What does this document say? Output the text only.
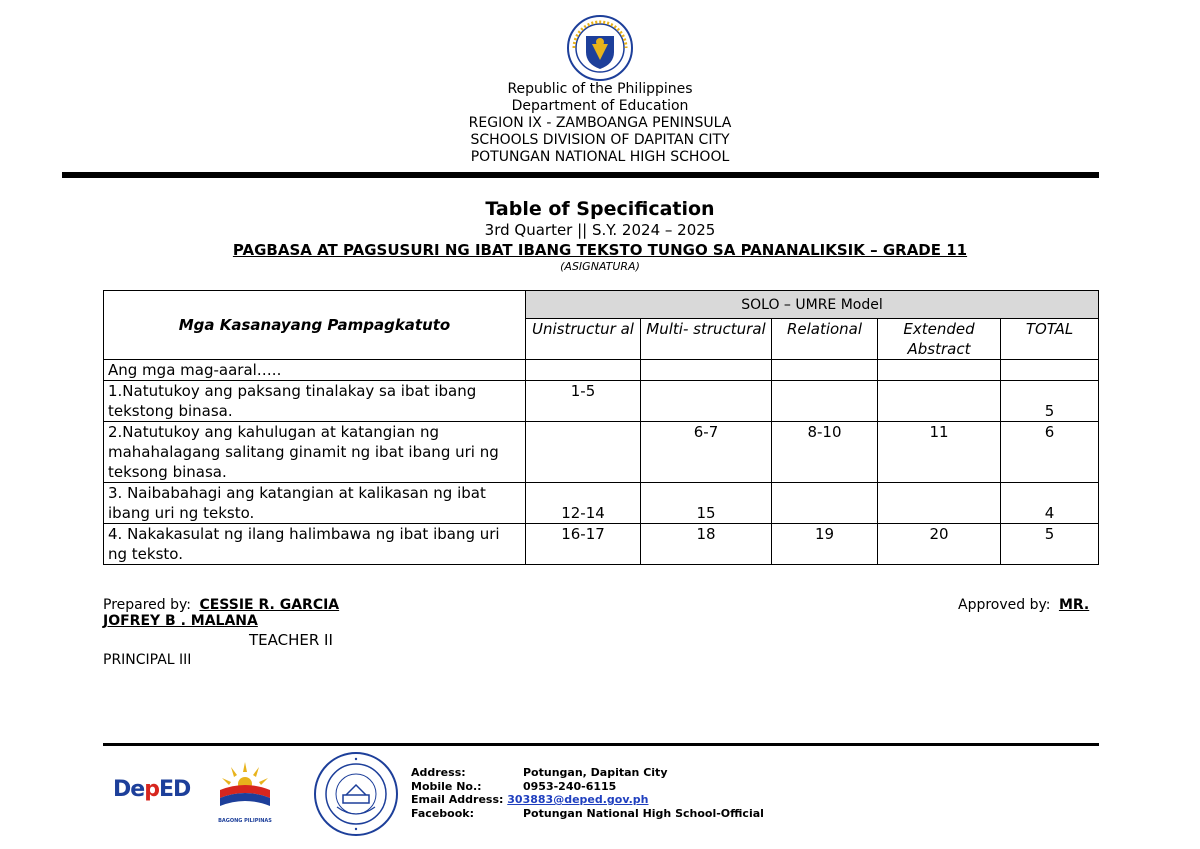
Republic of the Philippines
Department of Education
REGION IX - ZAMBOANGA PENINSULA
SCHOOLS DIVISION OF DAPITAN CITY
POTUNGAN NATIONAL HIGH SCHOOL
Table of Specification
3rd Quarter || S.Y. 2024 – 2025
PAGBASA AT PAGSUSURI NG IBAT IBANG TEKSTO TUNGO SA PANANALIKSIK – GRADE 11
(ASIGNATURA)
Mga Kasanayang Pampagkatuto	SOLO – UMRE Model				
	Unistructur al	Multi- structural	Relational	Extended Abstract	TOTAL
Ang mga mag-aaral…..					
1.Natutukoy ang paksang tinalakay sa ibat ibang tekstong binasa.	1-5				5
2.Natutukoy ang kahulugan at katangian ng mahahalagang salitang ginamit ng ibat ibang uri ng teksong binasa.		6-7	8-10	11	6
3. Naibabahagi ang katangian at kalikasan ng ibat ibang uri ng teksto.	12-14	15			4
4. Nakakasulat ng ilang halimbawa ng ibat ibang uri ng teksto.	16-17	18	19	20	5
Prepared by: CESSIE R. GARCIA	Approved by: MR.
JOFREY B . MALANA
TEACHER II
PRINCIPAL III
DepED
BAGONG PILIPINAS
Address:	Potungan, Dapitan City
Mobile No.:	0953-240-6115
Email Address: 303883@deped.gov.ph
Facebook:	Potungan National High School-Official
